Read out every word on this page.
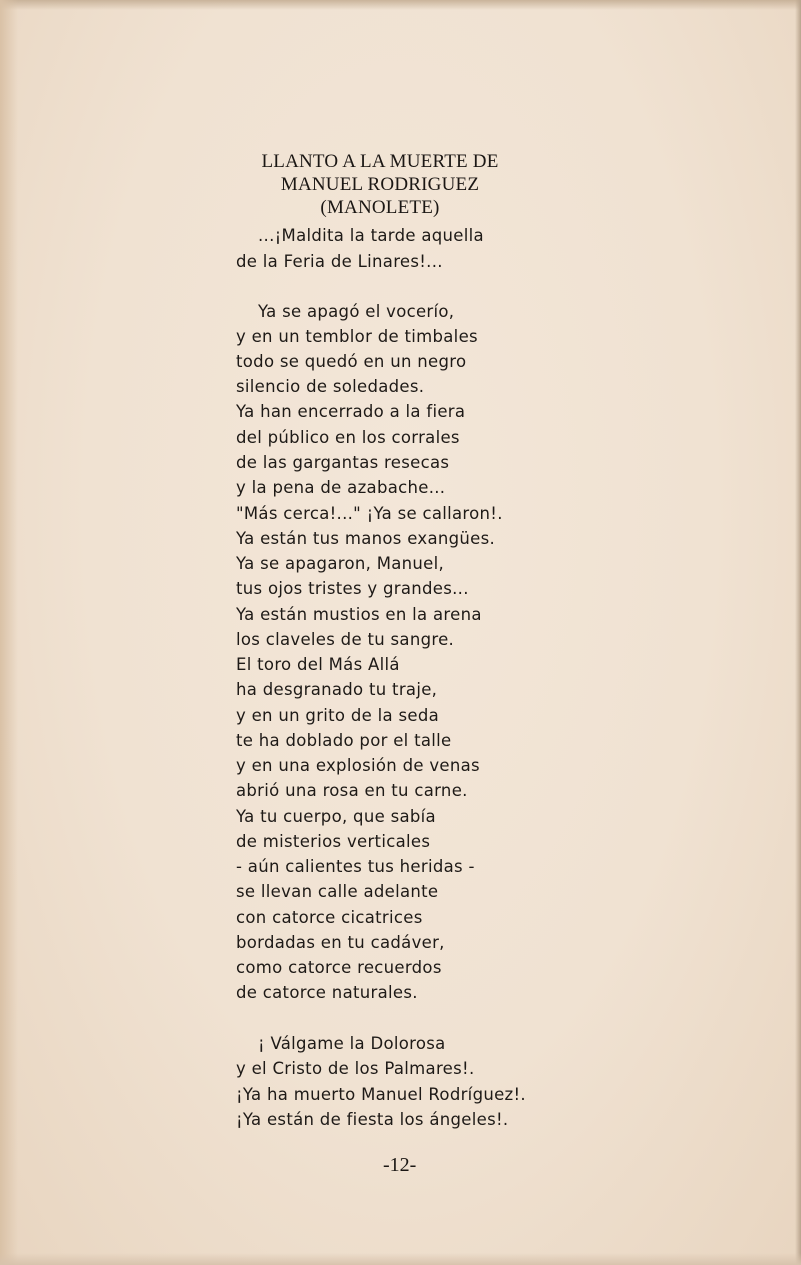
LLANTO A LA MUERTE DE
MANUEL RODRIGUEZ
(MANOLETE)
...¡Maldita la tarde aquella
de la Feria de Linares!...
Ya se apagó el vocerío,
y en un temblor de timbales
todo se quedó en un negro
silencio de soledades.
Ya han encerrado a la fiera
del público en los corrales
de las gargantas resecas
y la pena de azabache...
"Más cerca!..." ¡Ya se callaron!.
Ya están tus manos exangües.
Ya se apagaron, Manuel,
tus ojos tristes y grandes...
Ya están mustios en la arena
los claveles de tu sangre.
El toro del Más Allá
ha desgranado tu traje,
y en un grito de la seda
te ha doblado por el talle
y en una explosión de venas
abrió una rosa en tu carne.
Ya tu cuerpo, que sabía
de misterios verticales
- aún calientes tus heridas -
se llevan calle adelante
con catorce cicatrices
bordadas en tu cadáver,
como catorce recuerdos
de catorce naturales.
¡ Válgame la Dolorosa
y el Cristo de los Palmares!.
¡Ya ha muerto Manuel Rodríguez!.
¡Ya están de fiesta los ángeles!.
-12-
